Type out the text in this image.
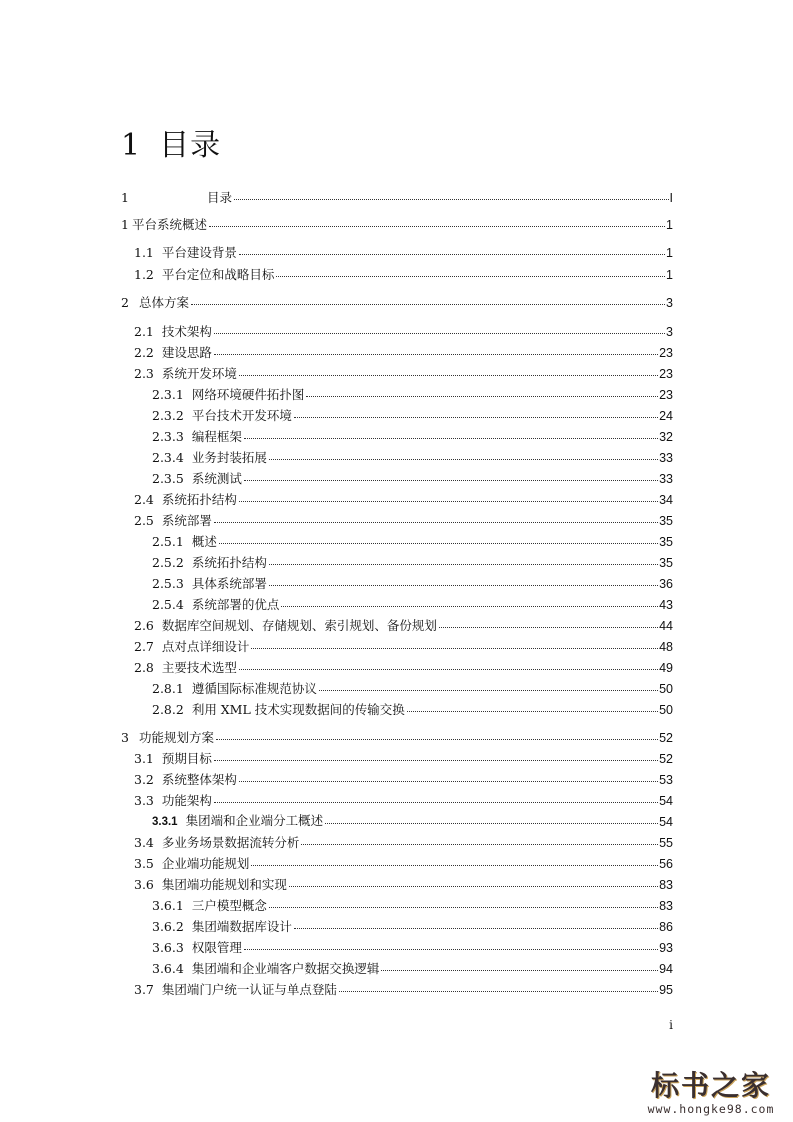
1 目录
1	目录	I
1 平台系统概述	1
1.1 平台建设背景	1
1.2 平台定位和战略目标	1
2 总体方案	3
2.1 技术架构	3
2.2 建设思路	23
2.3 系统开发环境	23
2.3.1 网络环境硬件拓扑图	23
2.3.2 平台技术开发环境	24
2.3.3 编程框架	32
2.3.4 业务封装拓展	33
2.3.5 系统测试	33
2.4 系统拓扑结构	34
2.5 系统部署	35
2.5.1 概述	35
2.5.2 系统拓扑结构	35
2.5.3 具体系统部署	36
2.5.4 系统部署的优点	43
2.6 数据库空间规划、存储规划、索引规划、备份规划	44
2.7 点对点详细设计	48
2.8 主要技术选型	49
2.8.1 遵循国际标准规范协议	50
2.8.2 利用 XML 技术实现数据间的传输交换	50
3 功能规划方案	52
3.1 预期目标	52
3.2 系统整体架构	53
3.3 功能架构	54
3.3.1 集团端和企业端分工概述	54
3.4 多业务场景数据流转分析	55
3.5 企业端功能规划	56
3.6 集团端功能规划和实现	83
3.6.1 三户模型概念	83
3.6.2 集团端数据库设计	86
3.6.3 权限管理	93
3.6.4 集团端和企业端客户数据交换逻辑	94
3.7 集团端门户统一认证与单点登陆	95
i
标书之家
www.hongke98.com
